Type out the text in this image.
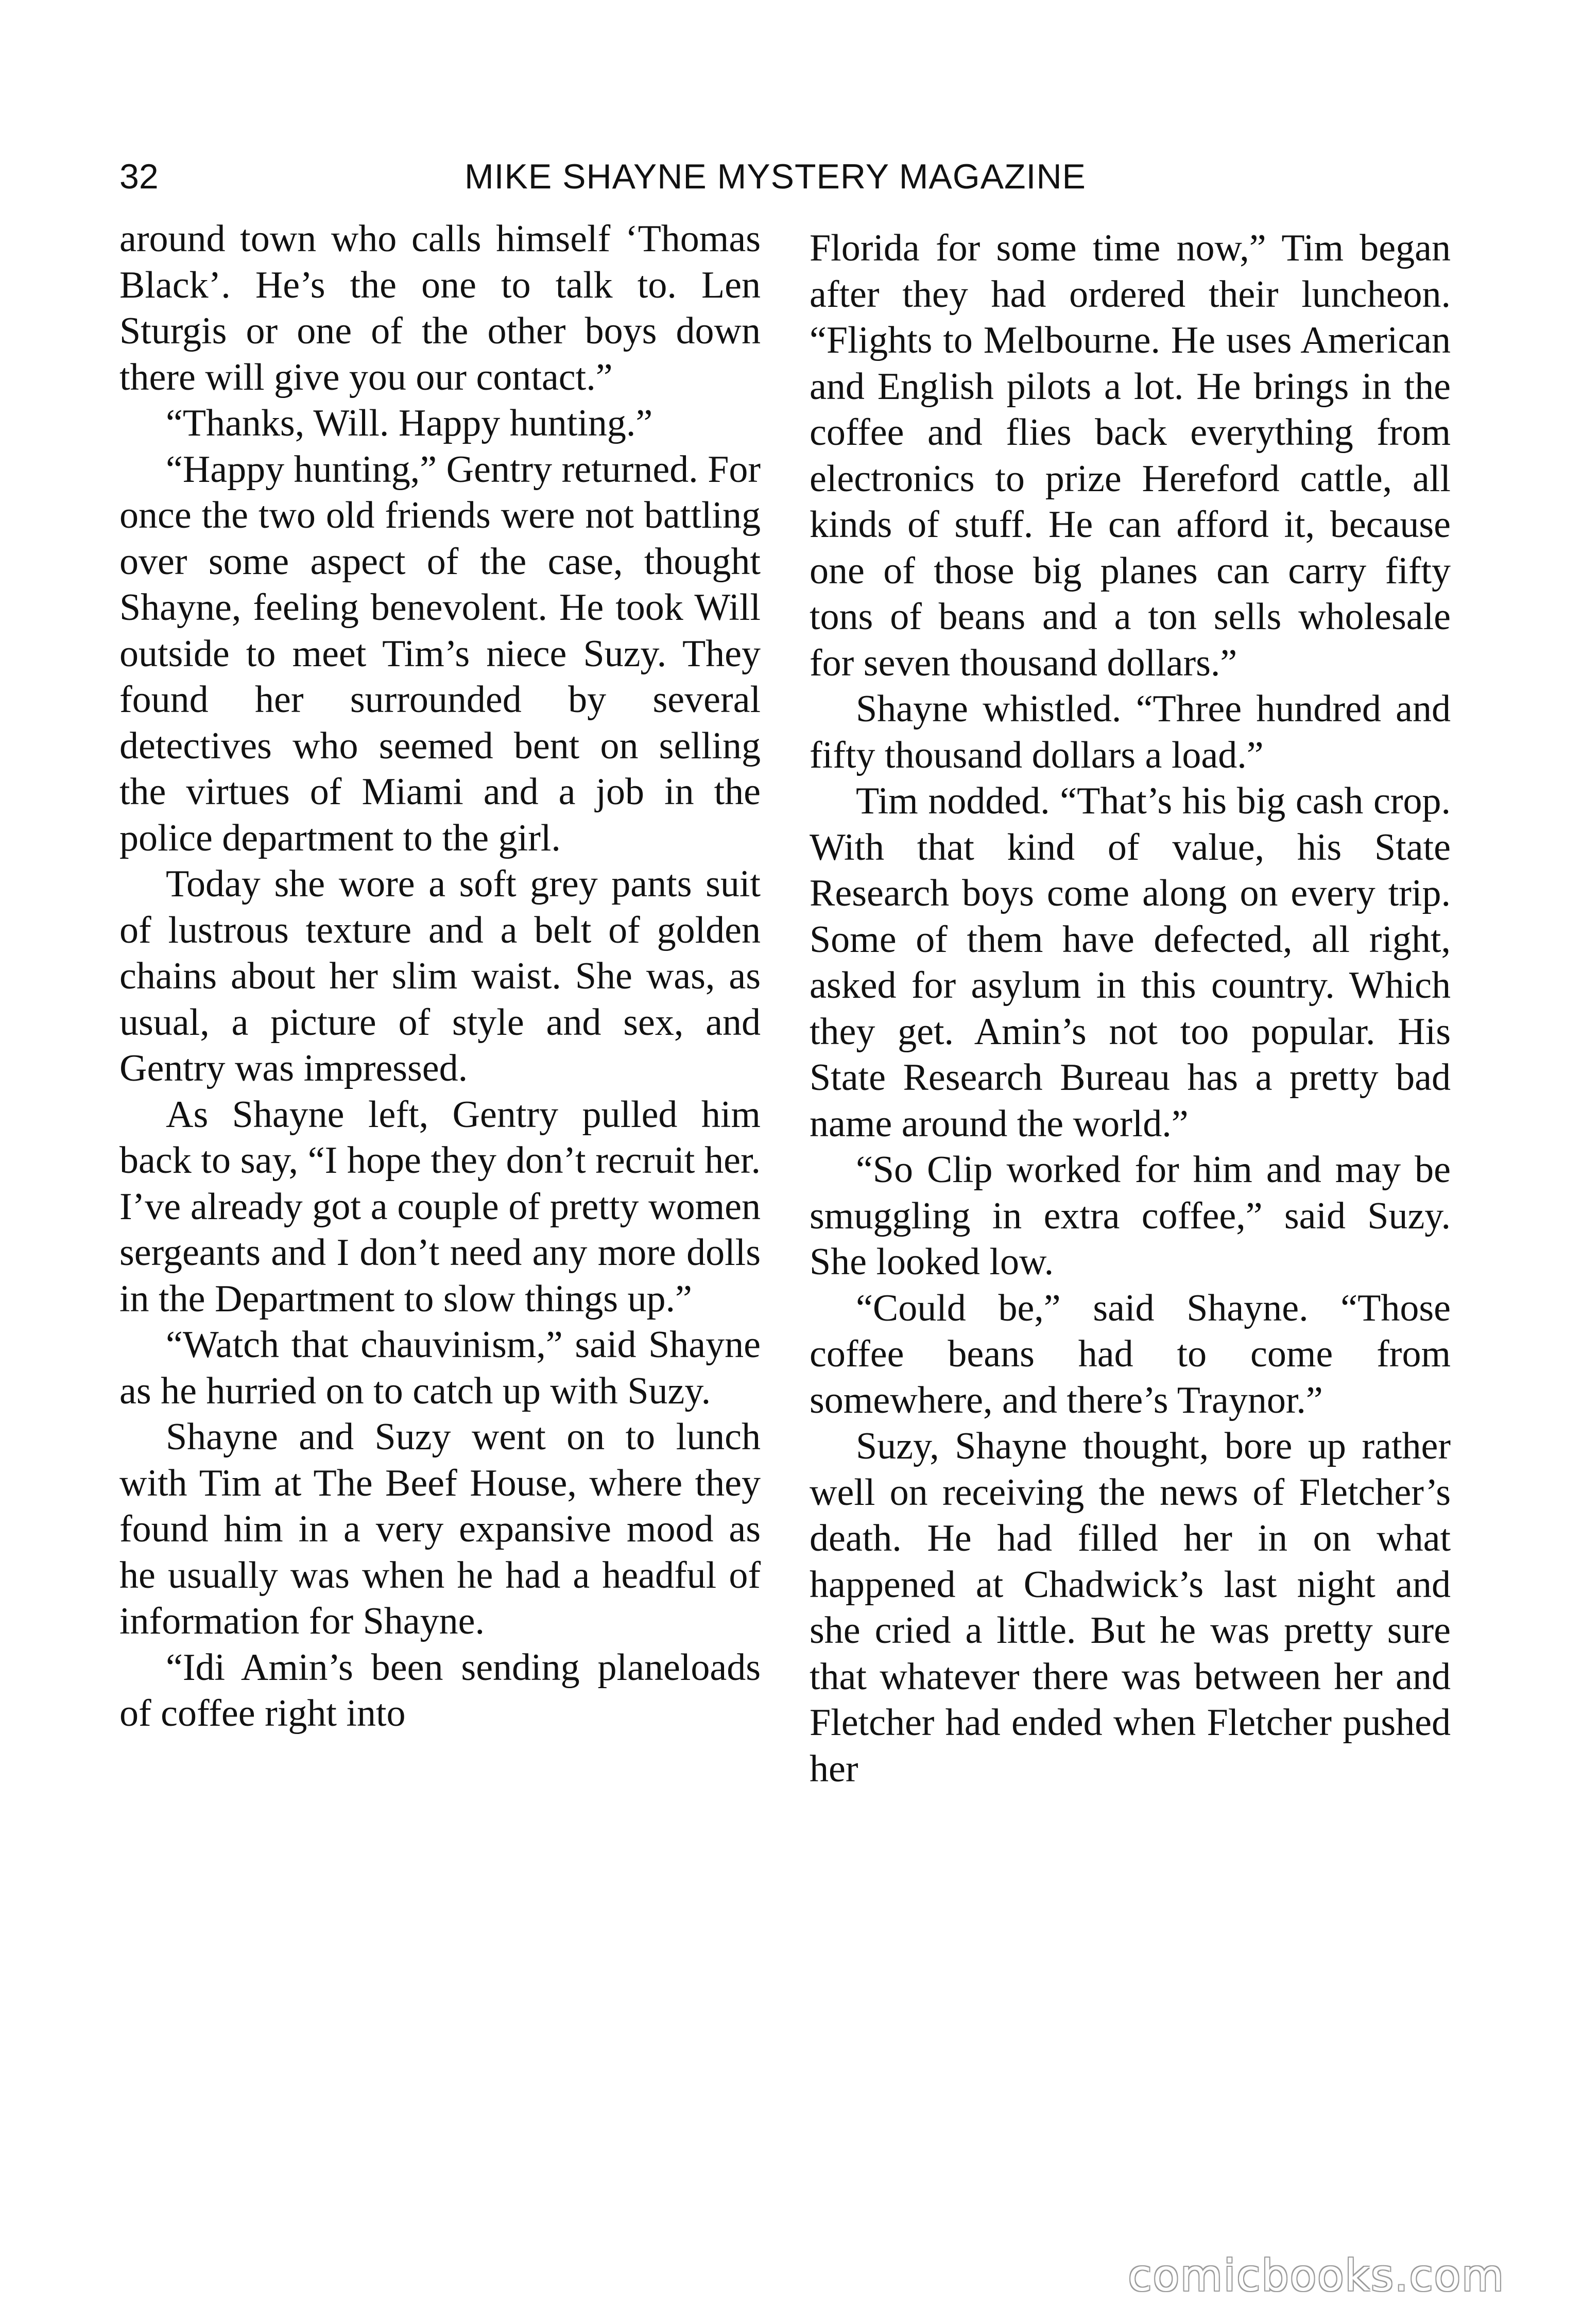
32	MIKE SHAYNE MYSTERY MAGAZINE

around town who calls himself ‘Thomas Black’. He’s the one to talk to. Len Sturgis or one of the other boys down there will give you our contact.”

“Thanks, Will. Happy hunting.”

“Happy hunting,” Gentry returned. For once the two old friends were not battling over some aspect of the case, thought Shayne, feeling benevolent. He took Will outside to meet Tim’s niece Suzy. They found her surrounded by several detectives who seemed bent on selling the virtues of Miami and a job in the police department to the girl.

Today she wore a soft grey pants suit of lustrous texture and a belt of golden chains about her slim waist. She was, as usual, a picture of style and sex, and Gentry was impressed.

As Shayne left, Gentry pulled him back to say, “I hope they don’t recruit her. I’ve already got a couple of pretty women sergeants and I don’t need any more dolls in the Department to slow things up.”

“Watch that chauvinism,” said Shayne as he hurried on to catch up with Suzy.

Shayne and Suzy went on to lunch with Tim at The Beef House, where they found him in a very expansive mood as he usually was when he had a headful of information for Shayne.

“Idi Amin’s been sending planeloads of coffee right into

Florida for some time now,” Tim began after they had ordered their luncheon. “Flights to Melbourne. He uses American and English pilots a lot. He brings in the coffee and flies back everything from electronics to prize Hereford cattle, all kinds of stuff. He can afford it, because one of those big planes can carry fifty tons of beans and a ton sells wholesale for seven thousand dollars.”

Shayne whistled. “Three hundred and fifty thousand dollars a load.”

Tim nodded. “That’s his big cash crop. With that kind of value, his State Research boys come along on every trip. Some of them have defected, all right, asked for asylum in this country. Which they get. Amin’s not too popular. His State Research Bureau has a pretty bad name around the world.”

“So Clip worked for him and may be smuggling in extra coffee,” said Suzy. She looked low.

“Could be,” said Shayne. “Those coffee beans had to come from somewhere, and there’s Traynor.”

Suzy, Shayne thought, bore up rather well on receiving the news of Fletcher’s death. He had filled her in on what happened at Chadwick’s last night and she cried a little. But he was pretty sure that whatever there was between her and Fletcher had ended when Fletcher pushed her

comicbooks.com
